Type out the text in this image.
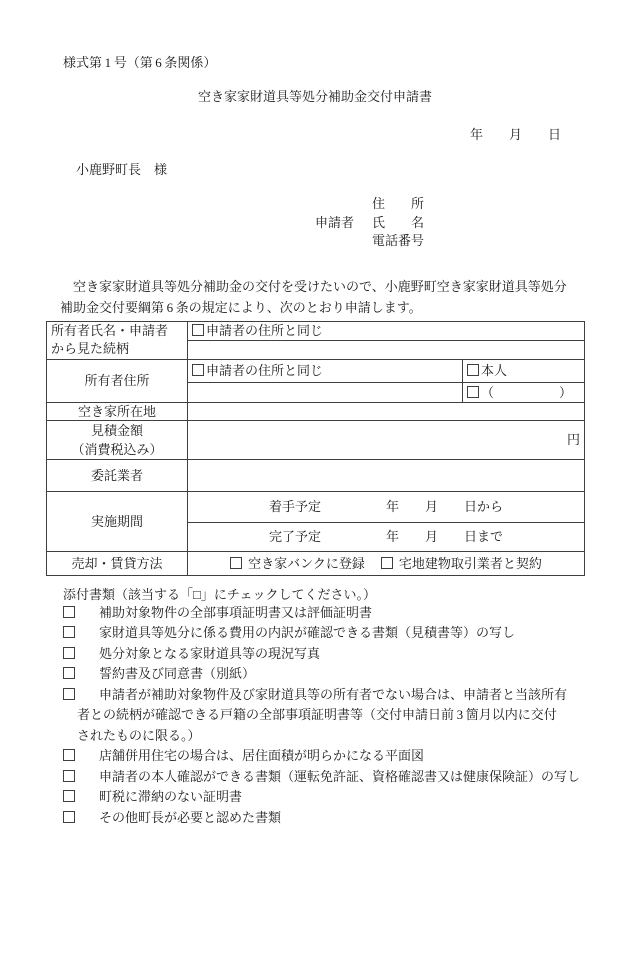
様式第 1 号（第 6 条関係）
空き家家財道具等処分補助金交付申請書
年　　月　　日
小鹿野町長　様
住　　所
申請者	氏　　名
電話番号

空き家家財道具等処分補助金の交付を受けたいので、小鹿野町空き家家財道具等処分補助金交付要綱第 6 条の規定により、次のとおり申請します。

所有者氏名・申請者
から見た続柄	申請者の住所と同じ	

所有者住所	申請者の住所と同じ	本人
		（　　　　　）
空き家所在地		

見積金額
（消費税込み）	円	
委託業者		
実施期間	着手予定　　　　　年　　月　　日から	
	完了予定　　　　　年　　月　　日まで	
売却・賃貸方法	空き家バンクに登録 宅地建物取引業者と契約	
添付書類（該当する「□」にチェックしてください。）
補助対象物件の全部事項証明書又は評価証明書
家財道具等処分に係る費用の内訳が確認できる書類（見積書等）の写し
処分対象となる家財道具等の現況写真
誓約書及び同意書（別紙）
申請者が補助対象物件及び家財道具等の所有者でない場合は、申請者と当該所有
者との続柄が確認できる戸籍の全部事項証明書等（交付申請日前 3 箇月以内に交付
されたものに限る。）
店舗併用住宅の場合は、居住面積が明らかになる平面図
申請者の本人確認ができる書類（運転免許証、資格確認書又は健康保険証）の写し
町税に滞納のない証明書
その他町長が必要と認めた書類
